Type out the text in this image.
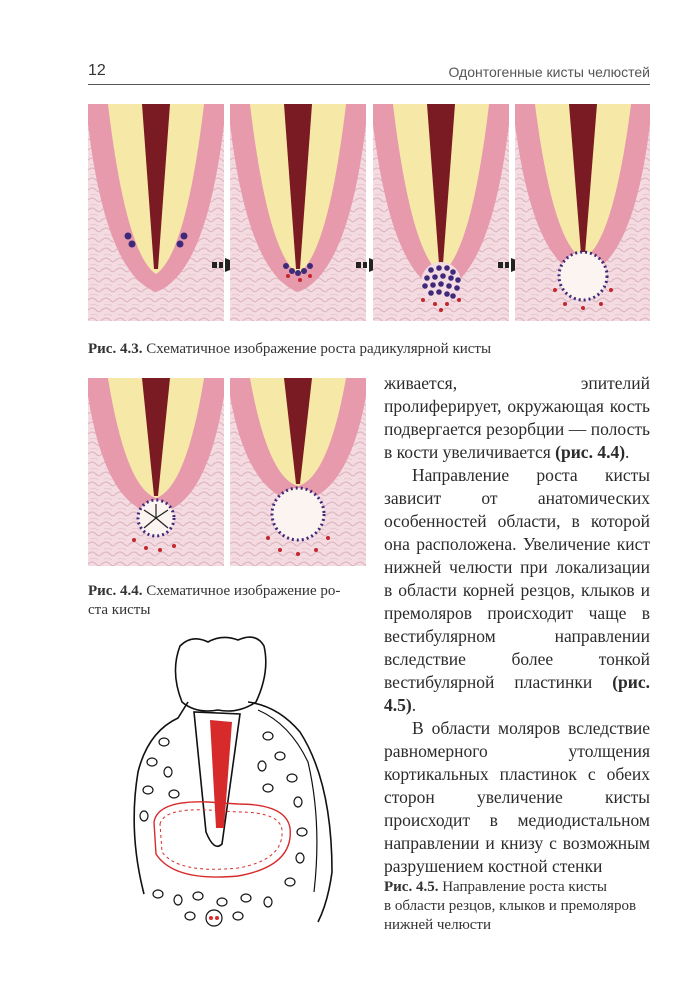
12	Одонтогенные кисты челюстей
Рис. 4.3. Схематичное изображение роста радикулярной кисты
Рис. 4.4. Схематичное изображение ро-
ста кисты

живается, эпителий пролиферирует, окружающая кость подвергается резорбции — полость в кости увеличивается (рис. 4.4).

Направление роста кисты зависит от анатомических особенностей области, в которой она расположена. Увеличение кист нижней челюсти при локализации в области корней резцов, клыков и премоляров происходит чаще в вестибулярном направлении вследствие более тонкой вестибулярной пластинки (рис. 4.5).

В области моляров вследствие равномерного утолщения кортикальных пластинок с обеих сторон увеличение кисты происходит в медиодистальном направлении и книзу с возможным разрушением костной стенки

Рис. 4.5. Направление роста кисты
в области резцов, клыков и премоляров нижней челюсти
